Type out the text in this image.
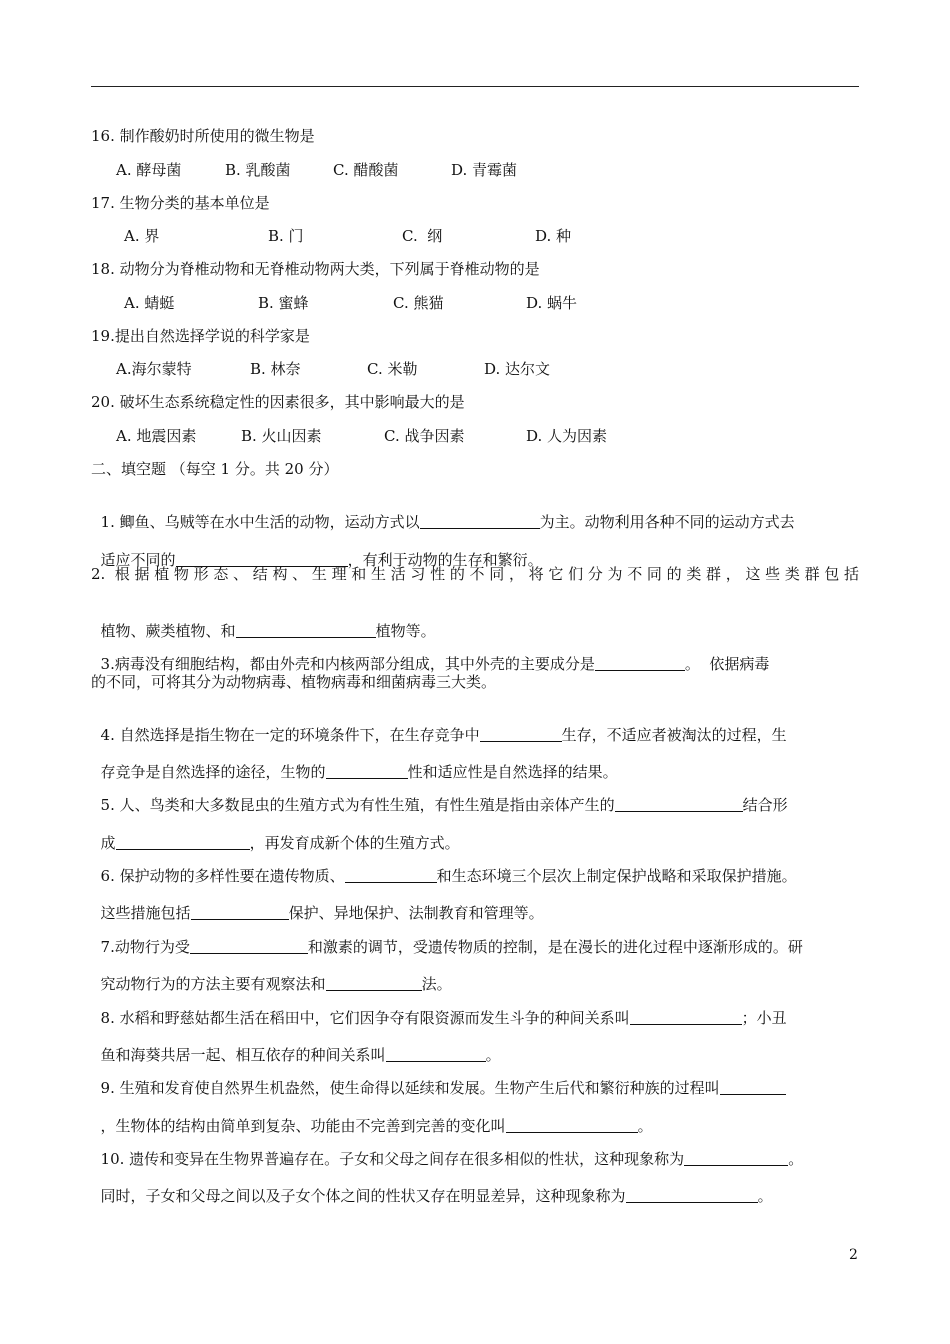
16. 制作酸奶时所使用的微生物是
A. 酵母菌	B. 乳酸菌	C. 醋酸菌	D. 青霉菌
17. 生物分类的基本单位是
A. 界	B. 门	C.  纲	D. 种
18. 动物分为脊椎动物和无脊椎动物两大类，下列属于脊椎动物的是
A. 蜻蜓	B. 蜜蜂	C. 熊猫	D. 蜗牛
19.提出自然选择学说的科学家是
A.海尔蒙特	B. 林奈	C. 米勒	D. 达尔文
20. 破坏生态系统稳定性的因素很多，其中影响最大的是
A. 地震因素	B. 火山因素	C. 战争因素	D. 人为因素
二、填空题 （每空 1 分。共 20 分）

1. 鲫鱼、乌贼等在水中生活的动物，运动方式以	为主。动物利用各种不同的运动方式去

适应不同的	，有利于动物的生存和繁衍。

2. 根据植物形态、结构、生理和生活习性的不同，将它们分为不同的类群，这些类群包括

植物、蕨类植物、和	植物等。

3.病毒没有细胞结构，都由外壳和内核两部分组成，其中外壳的主要成分是	。  依据病毒

的不同，可将其分为动物病毒、植物病毒和细菌病毒三大类。

4. 自然选择是指生物在一定的环境条件下，在生存竞争中	生存，不适应者被淘汰的过程，生

存竞争是自然选择的途径，生物的	性和适应性是自然选择的结果。

5. 人、鸟类和大多数昆虫的生殖方式为有性生殖，有性生殖是指由亲体产生的	结合形

成	，再发育成新个体的生殖方式。

6. 保护动物的多样性要在遗传物质、	和生态环境三个层次上制定保护战略和采取保护措施。

这些措施包括	保护、异地保护、法制教育和管理等。

7.动物行为受	和激素的调节，受遗传物质的控制，是在漫长的进化过程中逐渐形成的。研

究动物行为的方法主要有观察法和	法。

8. 水稻和野慈姑都生活在稻田中，它们因争夺有限资源而发生斗争的种间关系叫	；小丑

鱼和海葵共居一起、相互依存的种间关系叫	。

9. 生殖和发育使自然界生机盎然，使生命得以延续和发展。生物产生后代和繁衍种族的过程叫

，生物体的结构由简单到复杂、功能由不完善到完善的变化叫	。

10. 遗传和变异在生物界普遍存在。子女和父母之间存在很多相似的性状，这种现象称为	。

同时，子女和父母之间以及子女个体之间的性状又存在明显差异，这种现象称为	。

2
